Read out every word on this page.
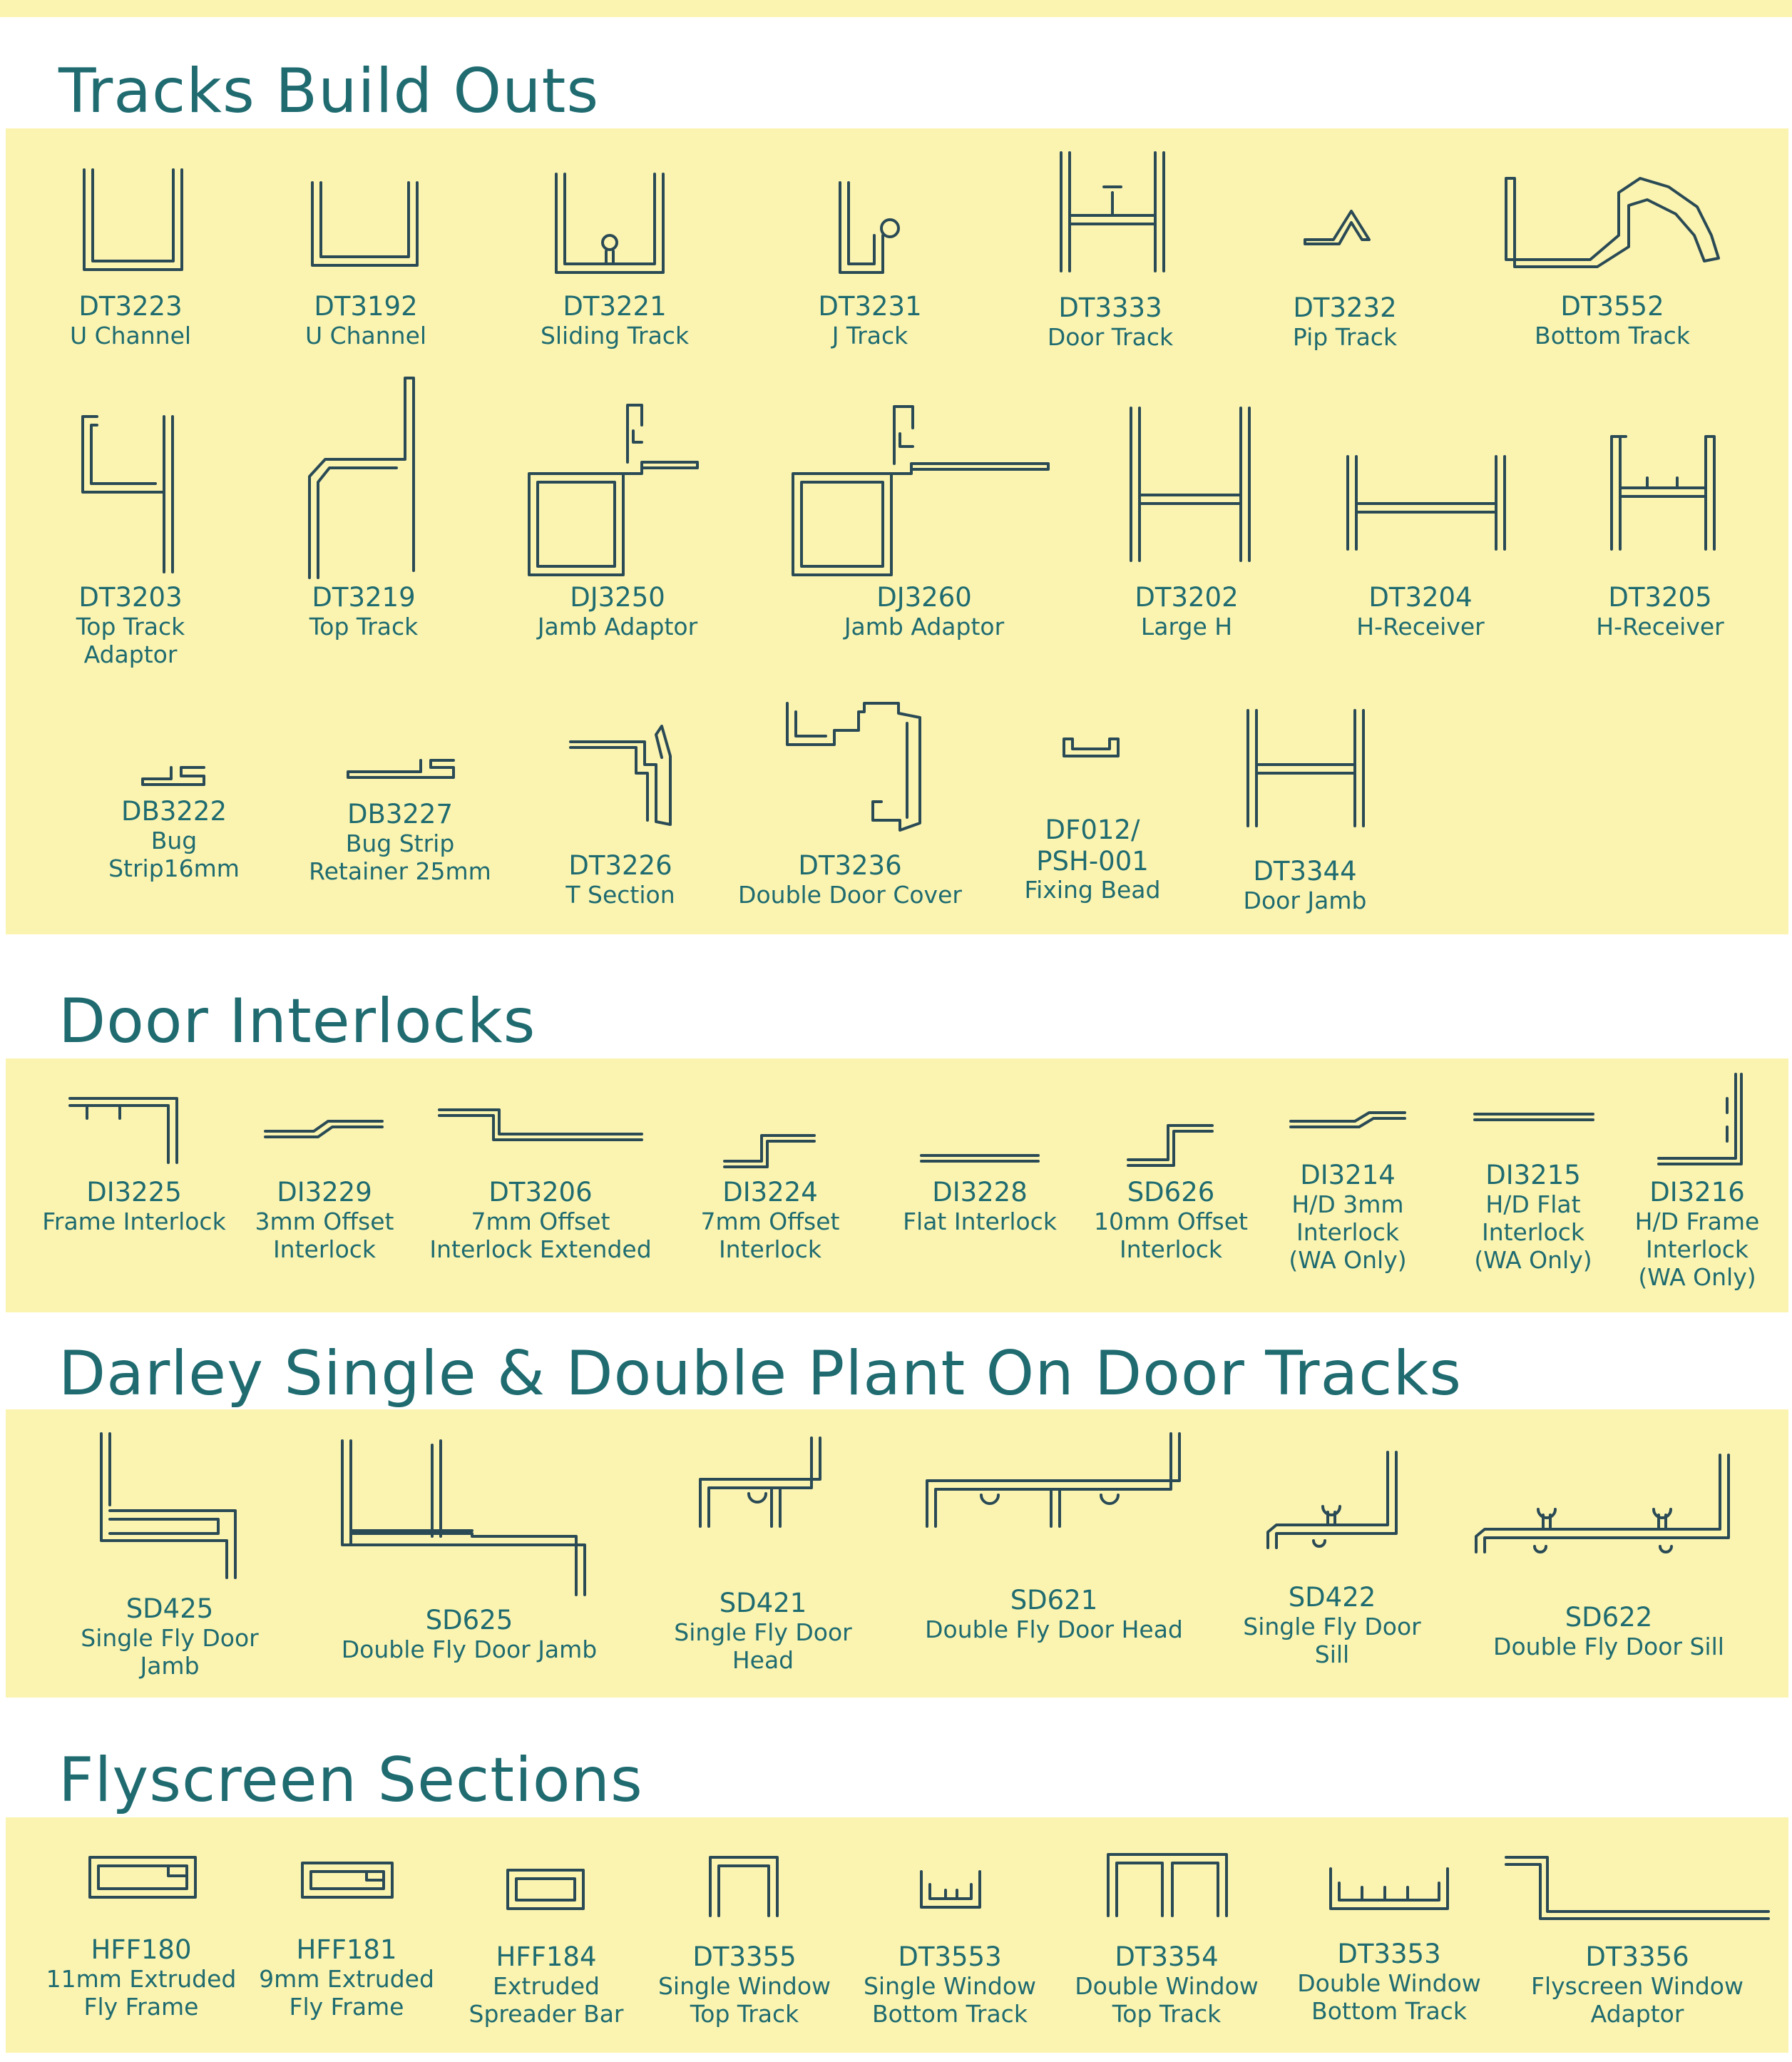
Tracks Build Outs
Door Interlocks
Darley Single & Double Plant On Door Tracks
Flyscreen Sections
DT3223
U Channel
DT3192
U Channel
DT3221
Sliding Track
DT3231
J Track
DT3333
Door Track
DT3232
Pip Track
DT3552
Bottom Track
DT3203
Top Track
Adaptor
DT3219
Top Track
DJ3250
Jamb Adaptor
DJ3260
Jamb Adaptor
DT3202
Large H
DT3204
H-Receiver
DT3205
H-Receiver
DB3222
Bug
Strip16mm
DB3227
Bug Strip
Retainer 25mm	DT3226
T Section
DT3236
Double Door Cover
DF012/
PSH-001
Fixing Bead
DT3344
Door Jamb
DI3225
Frame Interlock
DI3229
3mm Offset
Interlock
DT3206
7mm Offset
Interlock Extended
DI3224
7mm Offset
Interlock
DI3228
Flat Interlock
SD626
10mm Offset
Interlock
DI3214
H/D 3mm
Interlock
(WA Only)
DI3215
H/D Flat
Interlock
(WA Only)
DI3216
H/D Frame
Interlock
(WA Only)
SD425
Single Fly Door
Jamb
SD625
Double Fly Door Jamb
SD421
Single Fly Door
Head
SD621
Double Fly Door Head
SD422
Single Fly Door
Sill
SD622
Double Fly Door Sill
HFF180
11mm Extruded
Fly Frame
HFF181
9mm Extruded
Fly Frame
HFF184
Extruded
Spreader Bar
DT3355
Single Window
Top Track
DT3553
Single Window
Bottom Track
DT3354
Double Window
Top Track
DT3353
Double Window
Bottom Track
DT3356
Flyscreen Window
Adaptor
